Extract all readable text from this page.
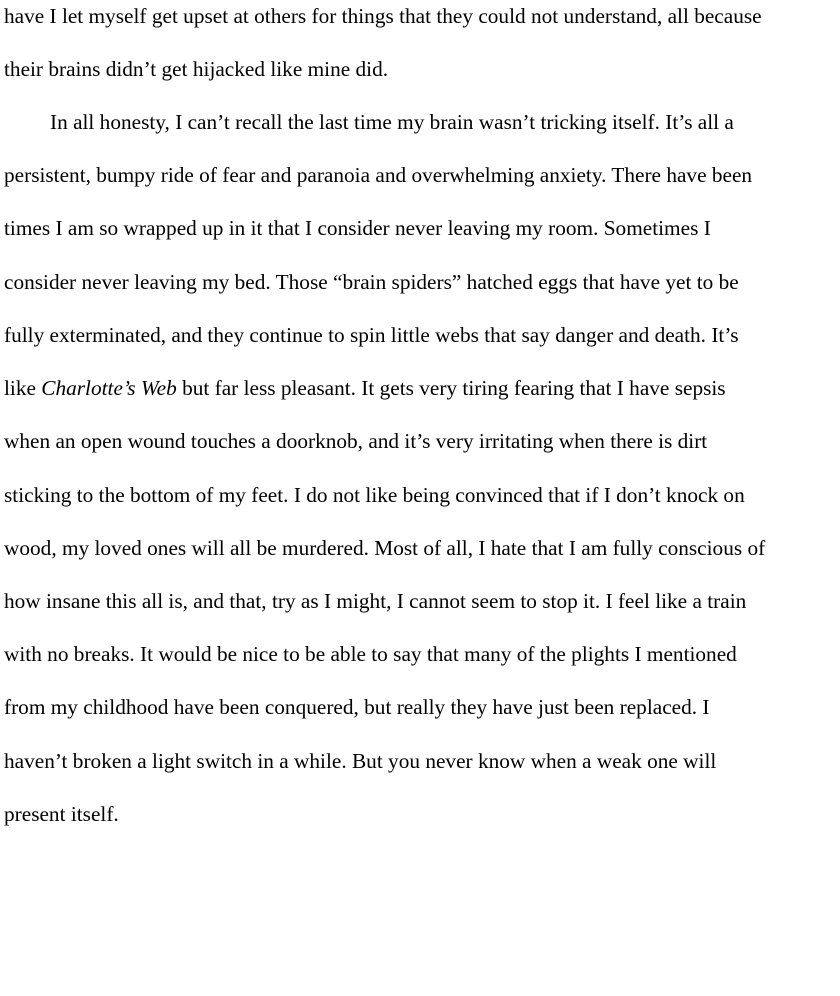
have I let myself get upset at others for things that they could not understand, all because
their brains didn’t get hijacked like mine did.
In all honesty, I can’t recall the last time my brain wasn’t tricking itself. It’s all a
persistent, bumpy ride of fear and paranoia and overwhelming anxiety. There have been
times I am so wrapped up in it that I consider never leaving my room. Sometimes I
consider never leaving my bed. Those “brain spiders” hatched eggs that have yet to be
fully exterminated, and they continue to spin little webs that say danger and death. It’s
like Charlotte’s Web but far less pleasant. It gets very tiring fearing that I have sepsis
when an open wound touches a doorknob, and it’s very irritating when there is dirt
sticking to the bottom of my feet. I do not like being convinced that if I don’t knock on
wood, my loved ones will all be murdered. Most of all, I hate that I am fully conscious of
how insane this all is, and that, try as I might, I cannot seem to stop it. I feel like a train
with no breaks. It would be nice to be able to say that many of the plights I mentioned
from my childhood have been conquered, but really they have just been replaced. I
haven’t broken a light switch in a while. But you never know when a weak one will
present itself.
